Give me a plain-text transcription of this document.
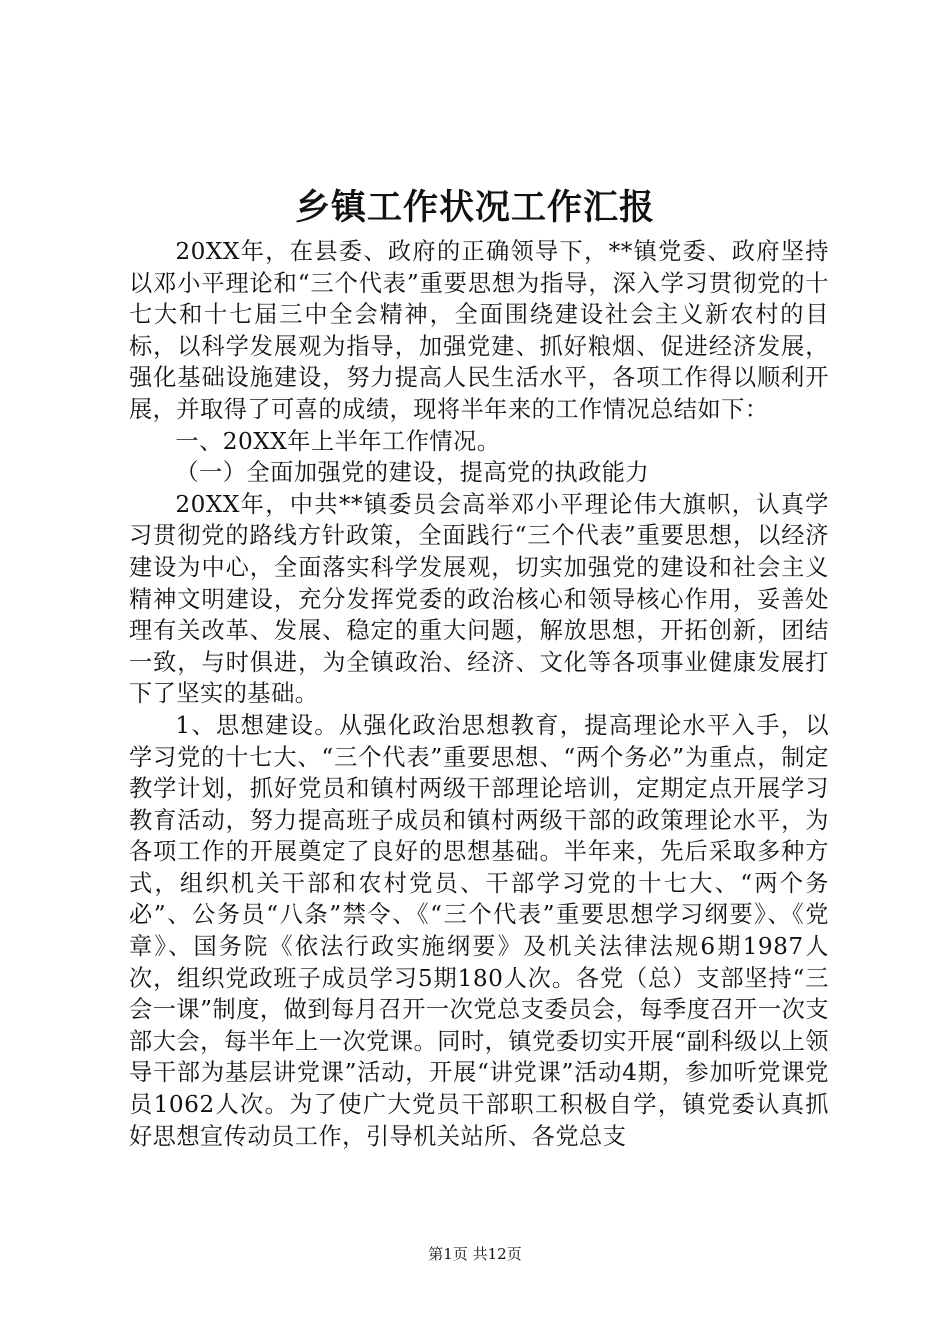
乡镇工作状况工作汇报

20XX年，在县委、政府的正确领导下，**镇党委、政府坚持以邓小平理论和“三个代表”重要思想为指导，深入学习贯彻党的十七大和十七届三中全会精神，全面围绕建设社会主义新农村的目标，以科学发展观为指导，加强党建、抓好粮烟、促进经济发展，强化基础设施建设，努力提高人民生活水平，各项工作得以顺利开展，并取得了可喜的成绩，现将半年来的工作情况总结如下：

一、20XX年上半年工作情况。

（一）全面加强党的建设，提高党的执政能力

20XX年，中共**镇委员会高举邓小平理论伟大旗帜，认真学习贯彻党的路线方针政策，全面践行“三个代表”重要思想，以经济建设为中心，全面落实科学发展观，切实加强党的建设和社会主义精神文明建设，充分发挥党委的政治核心和领导核心作用，妥善处理有关改革、发展、稳定的重大问题，解放思想，开拓创新，团结一致，与时俱进，为全镇政治、经济、文化等各项事业健康发展打下了坚实的基础。

1、思想建设。从强化政治思想教育，提高理论水平入手，以学习党的十七大、“三个代表”重要思想、“两个务必”为重点，制定教学计划，抓好党员和镇村两级干部理论培训，定期定点开展学习教育活动，努力提高班子成员和镇村两级干部的政策理论水平，为各项工作的开展奠定了良好的思想基础。半年来，先后采取多种方式，组织机关干部和农村党员、干部学习党的十七大、“两个务必”、公务员“八条”禁令、《“三个代表”重要思想学习纲要》、《党章》、国务院《依法行政实施纲要》及机关法律法规6期1987人次，组织党政班子成员学习5期180人次。各党（总）支部坚持“三会一课”制度，做到每月召开一次党总支委员会，每季度召开一次支部大会，每半年上一次党课。同时，镇党委切实开展“副科级以上领导干部为基层讲党课”活动，开展“讲党课”活动4期，参加听党课党员1062人次。为了使广大党员干部职工积极自学，镇党委认真抓好思想宣传动员工作，引导机关站所、各党总支

第1页 共12页
